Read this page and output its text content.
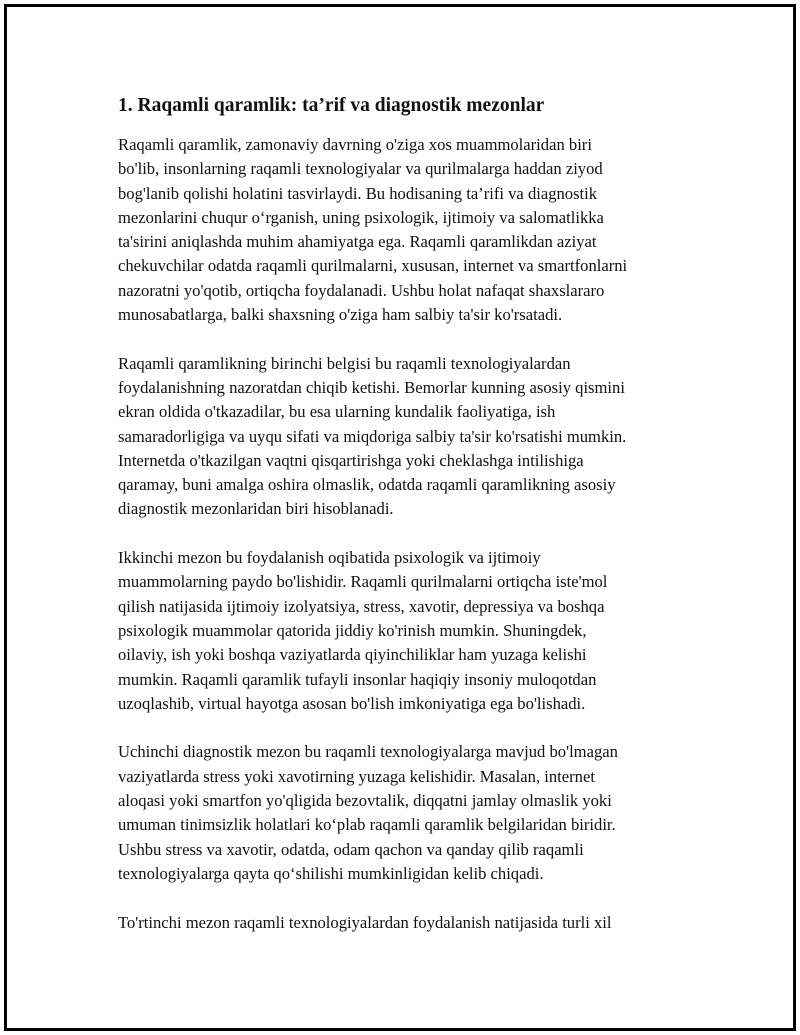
1. Raqamli qaramlik: ta’rif va diagnostik mezonlar

Raqamli qaramlik, zamonaviy davrning o'ziga xos muammolaridan biri
bo'lib, insonlarning raqamli texnologiyalar va qurilmalarga haddan ziyod
bog'lanib qolishi holatini tasvirlaydi. Bu hodisaning ta’rifi va diagnostik
mezonlarini chuqur o‘rganish, uning psixologik, ijtimoiy va salomatlikka
ta'sirini aniqlashda muhim ahamiyatga ega. Raqamli qaramlikdan aziyat
chekuvchilar odatda raqamli qurilmalarni, xususan, internet va smartfonlarni
nazoratni yo'qotib, ortiqcha foydalanadi. Ushbu holat nafaqat shaxslararo
munosabatlarga, balki shaxsning o'ziga ham salbiy ta'sir ko'rsatadi.

Raqamli qaramlikning birinchi belgisi bu raqamli texnologiyalardan
foydalanishning nazoratdan chiqib ketishi. Bemorlar kunning asosiy qismini
ekran oldida o'tkazadilar, bu esa ularning kundalik faoliyatiga, ish
samaradorligiga va uyqu sifati va miqdoriga salbiy ta'sir ko'rsatishi mumkin.
Internetda o'tkazilgan vaqtni qisqartirishga yoki cheklashga intilishiga
qaramay, buni amalga oshira olmaslik, odatda raqamli qaramlikning asosiy
diagnostik mezonlaridan biri hisoblanadi.

Ikkinchi mezon bu foydalanish oqibatida psixologik va ijtimoiy
muammolarning paydo bo'lishidir. Raqamli qurilmalarni ortiqcha iste'mol
qilish natijasida ijtimoiy izolyatsiya, stress, xavotir, depressiya va boshqa
psixologik muammolar qatorida jiddiy ko'rinish mumkin. Shuningdek,
oilaviy, ish yoki boshqa vaziyatlarda qiyinchiliklar ham yuzaga kelishi
mumkin. Raqamli qaramlik tufayli insonlar haqiqiy insoniy muloqotdan
uzoqlashib, virtual hayotga asosan bo'lish imkoniyatiga ega bo'lishadi.

Uchinchi diagnostik mezon bu raqamli texnologiyalarga mavjud bo'lmagan
vaziyatlarda stress yoki xavotirning yuzaga kelishidir. Masalan, internet
aloqasi yoki smartfon yo'qligida bezovtalik, diqqatni jamlay olmaslik yoki
umuman tinimsizlik holatlari ko‘plab raqamli qaramlik belgilaridan biridir.
Ushbu stress va xavotir, odatda, odam qachon va qanday qilib raqamli
texnologiyalarga qayta qo‘shilishi mumkinligidan kelib chiqadi.

To'rtinchi mezon raqamli texnologiyalardan foydalanish natijasida turli xil
